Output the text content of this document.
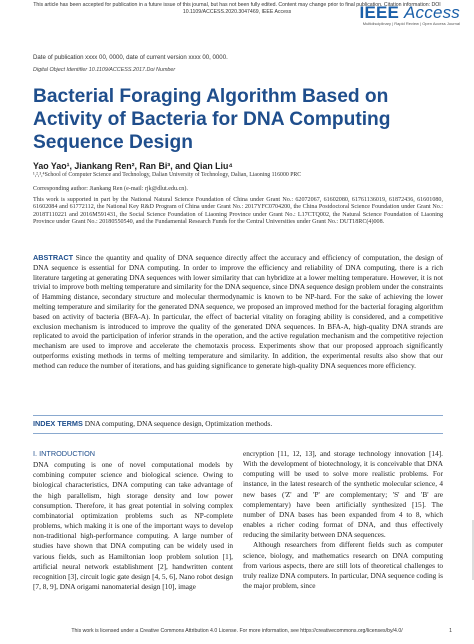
This article has been accepted for publication in a future issue of this journal, but has not been fully edited. Content may change prior to final publication. Citation information: DOI
10.1109/ACCESS.2020.3047469, IEEE Access	IEEE Access
Multidisciplinary | Rapid Review | Open Access Journal
Date of publication xxxx 00, 0000, date of current version xxxx 00, 0000.
Digital Object Identifier 10.1109/ACCESS.2017.Doi Number
Bacterial Foraging Algorithm Based on Activity of Bacteria for DNA Computing Sequence Design
Yao Yao¹, Jiankang Ren², Ran Bi³, and Qian Liu⁴
¹,²,³,⁴School of Computer Science and Technology, Dalian University of Technology, Dalian, Liaoning 116000 PRC
Corresponding author: Jiankang Ren (e-mail: rjk@dlut.edu.cn).
This work is supported in part by the National Natural Science Foundation of China under Grant No.: 62072067, 61602080, 61761136019, 61872436, 61601080, 61602084 and 61772112, the National Key R&D Program of China under Grant No.: 2017YFC0704200, the China Postdoctoral Science Foundation under Grant No.: 2018T110221 and 2016M591431, the Social Science Foundation of Liaoning Province under Grant No.: L17CTQ002, the Natural Science Foundation of Liaoning Province under Grant No.: 20180550540, and the Fundamental Research Funds for the Central Universities under Grant No.: DUT18RC(4)008.
ABSTRACT Since the quantity and quality of DNA sequence directly affect the accuracy and efficiency of computation, the design of DNA sequence is essential for DNA computing. In order to improve the efficiency and reliability of DNA computing, there is a rich literature targeting at generating DNA sequences with lower similarity that can hybridize at a lower melting temperature. However, it is not trivial to improve both melting temperature and similarity for the DNA sequence, since DNA sequence design problem under the constraints of Hamming distance, secondary structure and molecular thermodynamic is known to be NP-hard. For the sake of achieving the lower melting temperature and similarity for the generated DNA sequence, we proposed an improved method for the bacterial foraging algorithm based on activity of bacteria (BFA-A). In particular, the effect of bacterial vitality on foraging ability is considered, and a competitive exclusion mechanism is introduced to improve the quality of the generated DNA sequences. In BFA-A, high-quality DNA strands are replicated to avoid the participation of inferior strands in the operation, and the active regulation mechanism and the competitive rejection mechanism are used to improve and accelerate the chemotaxis process. Experiments show that our proposed approach significantly outperforms existing methods in terms of melting temperature and similarity. In addition, the experimental results also show that our method can reduce the number of iterations, and has guiding significance to generate high-quality DNA sequences more efficiency.
INDEX TERMS DNA computing, DNA sequence design, Optimization methods.
I. INTRODUCTION

DNA computing is one of novel computational models by combining computer science and biological science. Owing to biological characteristics, DNA computing can take advantage of the high parallelism, high storage density and low power consumption. Therefore, it has great potential in solving complex combinatorial optimization problems such as NP-complete problems, which making it is one of the important ways to develop non-traditional high-performance computing. A large number of studies have shown that DNA computing can be widely used in various fields, such as Hamiltonian loop problem solution [1], artificial neural network establishment [2], handwritten content recognition [3], circuit logic gate design [4, 5, 6], Nano robot design [7, 8, 9], DNA origami nanomaterial design [10], image

encryption [11, 12, 13], and storage technology innovation [14]. With the development of biotechnology, it is conceivable that DNA computing will be used to solve more realistic problems. For instance, in the latest research of the synthetic molecular science, 4 new bases ('Z' and 'P' are complementary; 'S' and 'B' are complementary) have been artificially synthesized [15]. The number of DNA bases has been expanded from 4 to 8, which enables a richer coding format of DNA, and thus effectively reducing the similarity between DNA sequences.

Although researchers from different fields such as computer science, biology, and mathematics research on DNA computing from various aspects, there are still lots of theoretical challenges to truly realize DNA computers. In particular, DNA sequence coding is the major problem, since

This work is licensed under a Creative Commons Attribution 4.0 License. For more information, see https://creativecommons.org/licenses/by/4.0/	1
